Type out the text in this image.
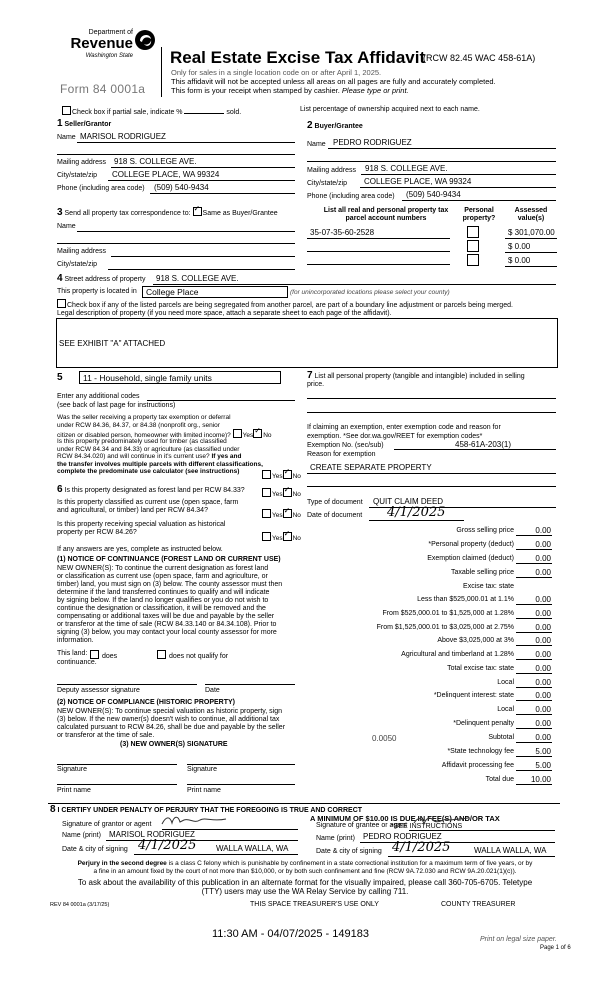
Department of
Revenue
Washington State
Form 84 0001a
Real Estate Excise Tax Affidavit
(RCW 82.45 WAC 458-61A)
Only for sales in a single location code on or after April 1, 2025.
This affidavit will not be accepted unless all areas on all pages are fully and accurately completed.
This form is your receipt when stamped by cashier. Please type or print.
Check box if partial sale, indicate %	sold.	List percentage of ownership acquired next to each name.
1 Seller/Grantor
Name MARISOL RODRIGUEZ
Mailing address 918 S. COLLEGE AVE.
City/state/zip COLLEGE PLACE, WA 99324
Phone (including area code) (509) 540-9434
2 Buyer/Grantee
Name PEDRO RODRIGUEZ
Mailing address 918 S. COLLEGE AVE.
City/state/zip COLLEGE PLACE, WA 99324
Phone (including area code) (509) 540-9434
3 Send all property tax correspondence to: ✓ Same as Buyer/Grantee
Name
Mailing address
City/state/zip
List all real and personal property tax
parcel account numbers
Personal
property?
Assessed
value(s)
35-07-35-60-2528	$ 301,070.00
$ 0.00
$ 0.00
4 Street address of property 918 S. COLLEGE AVE.
This property is located in College Place	(for unincorporated locations please select your county)
Check box if any of the listed parcels are being segregated from another parcel, are part of a boundary line adjustment or parcels being merged.
Legal description of property (if you need more space, attach a separate sheet to each page of the affidavit).
SEE EXHIBIT "A" ATTACHED
5 11 - Household, single family units
Enter any additional codes
(see back of last page for instructions)
Was the seller receiving a property tax exemption or deferral
under RCW 84.36, 84.37, or 84.38 (nonprofit org., senior
citizen or disabled person, homeowner with limited income)? Yes ✓ No
Is this property predominately used for timber (as classified
under RCW 84.34 and 84.33) or agriculture (as classified under
RCW 84.34.020) and will continue in it's current use? If yes and
the transfer involves multiple parcels with different classifications,
complete the predominate use calculator (see instructions)
Yes ✓ No
6 Is this property designated as forest land per RCW 84.33?
Yes ✓ No
Is this property classified as current use (open space, farm
and agricultural, or timber) land per RCW 84.34?
Yes ✓ No
Is this property receiving special valuation as historical
property per RCW 84.26?
Yes ✓ No
If any answers are yes, complete as instructed below.
(1) NOTICE OF CONTINUANCE (FOREST LAND OR CURRENT USE)
NEW OWNER(S): To continue the current designation as forest land
or classification as current use (open space, farm and agriculture, or
timber) land, you must sign on (3) below. The county assessor must then
determine if the land transferred continues to qualify and will indicate
by signing below. If the land no longer qualifies or you do not wish to
continue the designation or classification, it will be removed and the
compensating or additional taxes will be due and payable by the seller
or transferor at the time of sale (RCW 84.33.140 or 84.34.108). Prior to
signing (3) below, you may contact your local county assessor for more
information.
This land:	does	does not qualify for
continuance.
Deputy assessor signature	Date
(2) NOTICE OF COMPLIANCE (HISTORIC PROPERTY)
NEW OWNER(S): To continue special valuation as historic property, sign
(3) below. If the new owner(s) doesn't wish to continue, all additional tax
calculated pursuant to RCW 84.26, shall be due and payable by the seller
or transferor at the time of sale.
(3) NEW OWNER(S) SIGNATURE
Signature	Signature
Print name	Print name
7 List all personal property (tangible and intangible) included in selling
price.
If claiming an exemption, enter exemption code and reason for
exemption. *See dor.wa.gov/REET for exemption codes*
Exemption No. (sec/sub)	458-61A-203(1)
Reason for exemption
CREATE SEPARATE PROPERTY
Type of document QUIT CLAIM DEED
Date of document 4/1/2025
Gross selling price	0.00
*Personal property (deduct)	0.00
Exemption claimed (deduct)	0.00
Taxable selling price	0.00
Excise tax: state
Less than $525,000.01 at 1.1%	0.00
From $525,000.01 to $1,525,000 at 1.28%	0.00
From $1,525,000.01 to $3,025,000 at 2.75%	0.00
Above $3,025,000 at 3%	0.00
Agricultural and timberland at 1.28%	0.00
Total excise tax: state	0.00
Local	0.00
*Delinquent interest: state	0.00
Local	0.00
*Delinquent penalty	0.00
Subtotal	0.00
*State technology fee	5.00
Affidavit processing fee	5.00
Total due	10.00
0.0050
A MINIMUM OF $10.00 IS DUE IN FEE(S) AND/OR TAX
*SEE INSTRUCTIONS
8 I CERTIFY UNDER PENALTY OF PERJURY THAT THE FOREGOING IS TRUE AND CORRECT
Signature of grantor or agent
Name (print) MARISOL RODRIGUEZ
Date & city of signing 4/1/2025 WALLA WALLA, WA
Signature of grantee or agent
Name (print) PEDRO RODRIGUEZ
Date & city of signing 4/1/2025	WALLA WALLA, WA
Perjury in the second degree is a class C felony which is punishable by confinement in a state correctional institution for a maximum term of five years, or by
a fine in an amount fixed by the court of not more than $10,000, or by both such confinement and fine (RCW 9A.72.030 and RCW 9A.20.021(1)(c)).
To ask about the availability of this publication in an alternate format for the visually impaired, please call 360-705-6705. Teletype
(TTY) users may use the WA Relay Service by calling 711.
REV 84 0001a (3/17/25)	THIS SPACE TREASURER'S USE ONLY	COUNTY TREASURER
11:30 AM - 04/07/2025 - 149183	Print on legal size paper.
Page 1 of 6
